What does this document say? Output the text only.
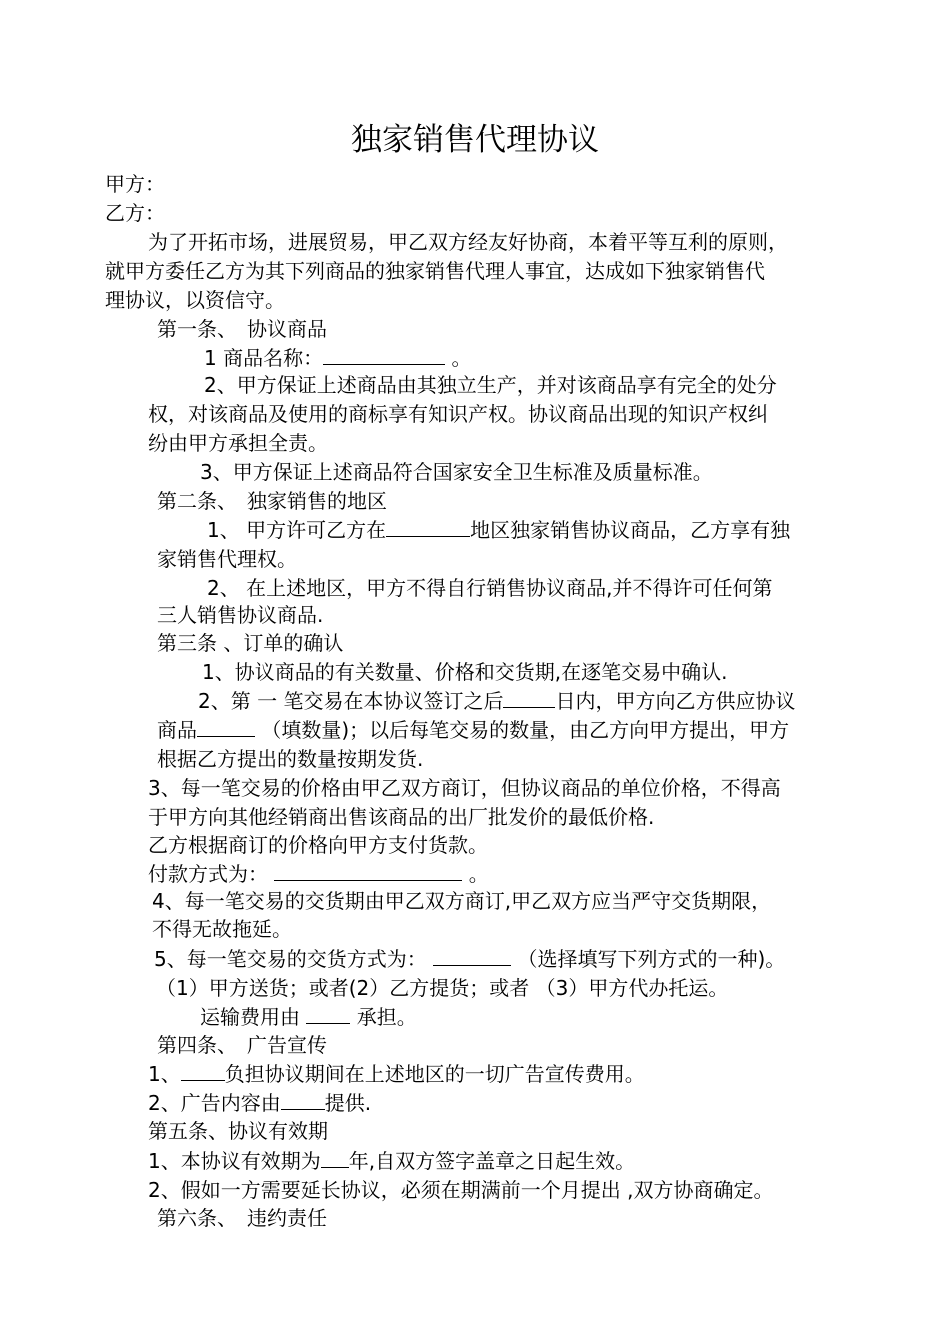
独家销售代理协议
甲方：
乙方：
为了开拓市场，进展贸易，甲乙双方经友好协商，本着平等互利的原则，
就甲方委任乙方为其下列商品的独家销售代理人事宜，达成如下独家销售代
理协议，以资信守。
第一条、　协议商品
1 商品名称：	。
2、甲方保证上述商品由其独立生产，并对该商品享有完全的处分
权，对该商品及使用的商标享有知识产权。协议商品出现的知识产权纠
纷由甲方承担全责。
3、甲方保证上述商品符合国家安全卫生标准及质量标准。
第二条、　独家销售的地区
1、 甲方许可乙方在	地区独家销售协议商品，乙方享有独
家销售代理权。
2、 在上述地区，甲方不得自行销售协议商品,并不得许可任何第
三人销售协议商品.
第三条 、订单的确认
1、协议商品的有关数量、价格和交货期,在逐笔交易中确认.
2、第 一 笔交易在本协议签订之后	日内，甲方向乙方供应协议
商品	（填数量)；以后每笔交易的数量，由乙方向甲方提出，甲方
根据乙方提出的数量按期发货.
3、每一笔交易的价格由甲乙双方商订，但协议商品的单位价格，不得高
于甲方向其他经销商出售该商品的出厂批发价的最低价格.
乙方根据商订的价格向甲方支付货款。
付款方式为：	。
4、每一笔交易的交货期由甲乙双方商订,甲乙双方应当严守交货期限，
不得无故拖延。
5、每一笔交易的交货方式为：	（选择填写下列方式的一种)。
（1）甲方送货；或者(2）乙方提货；或者 （3）甲方代办托运。
运输费用由	承担。
第四条、　广告宣传
1、 负担协议期间在上述地区的一切广告宣传费用。
2、广告内容由 提供.
第五条、协议有效期
1、本协议有效期为 年,自双方签字盖章之日起生效。
2、假如一方需要延长协议，必须在期满前一个月提出 ,双方协商确定。
第六条、　违约责任
